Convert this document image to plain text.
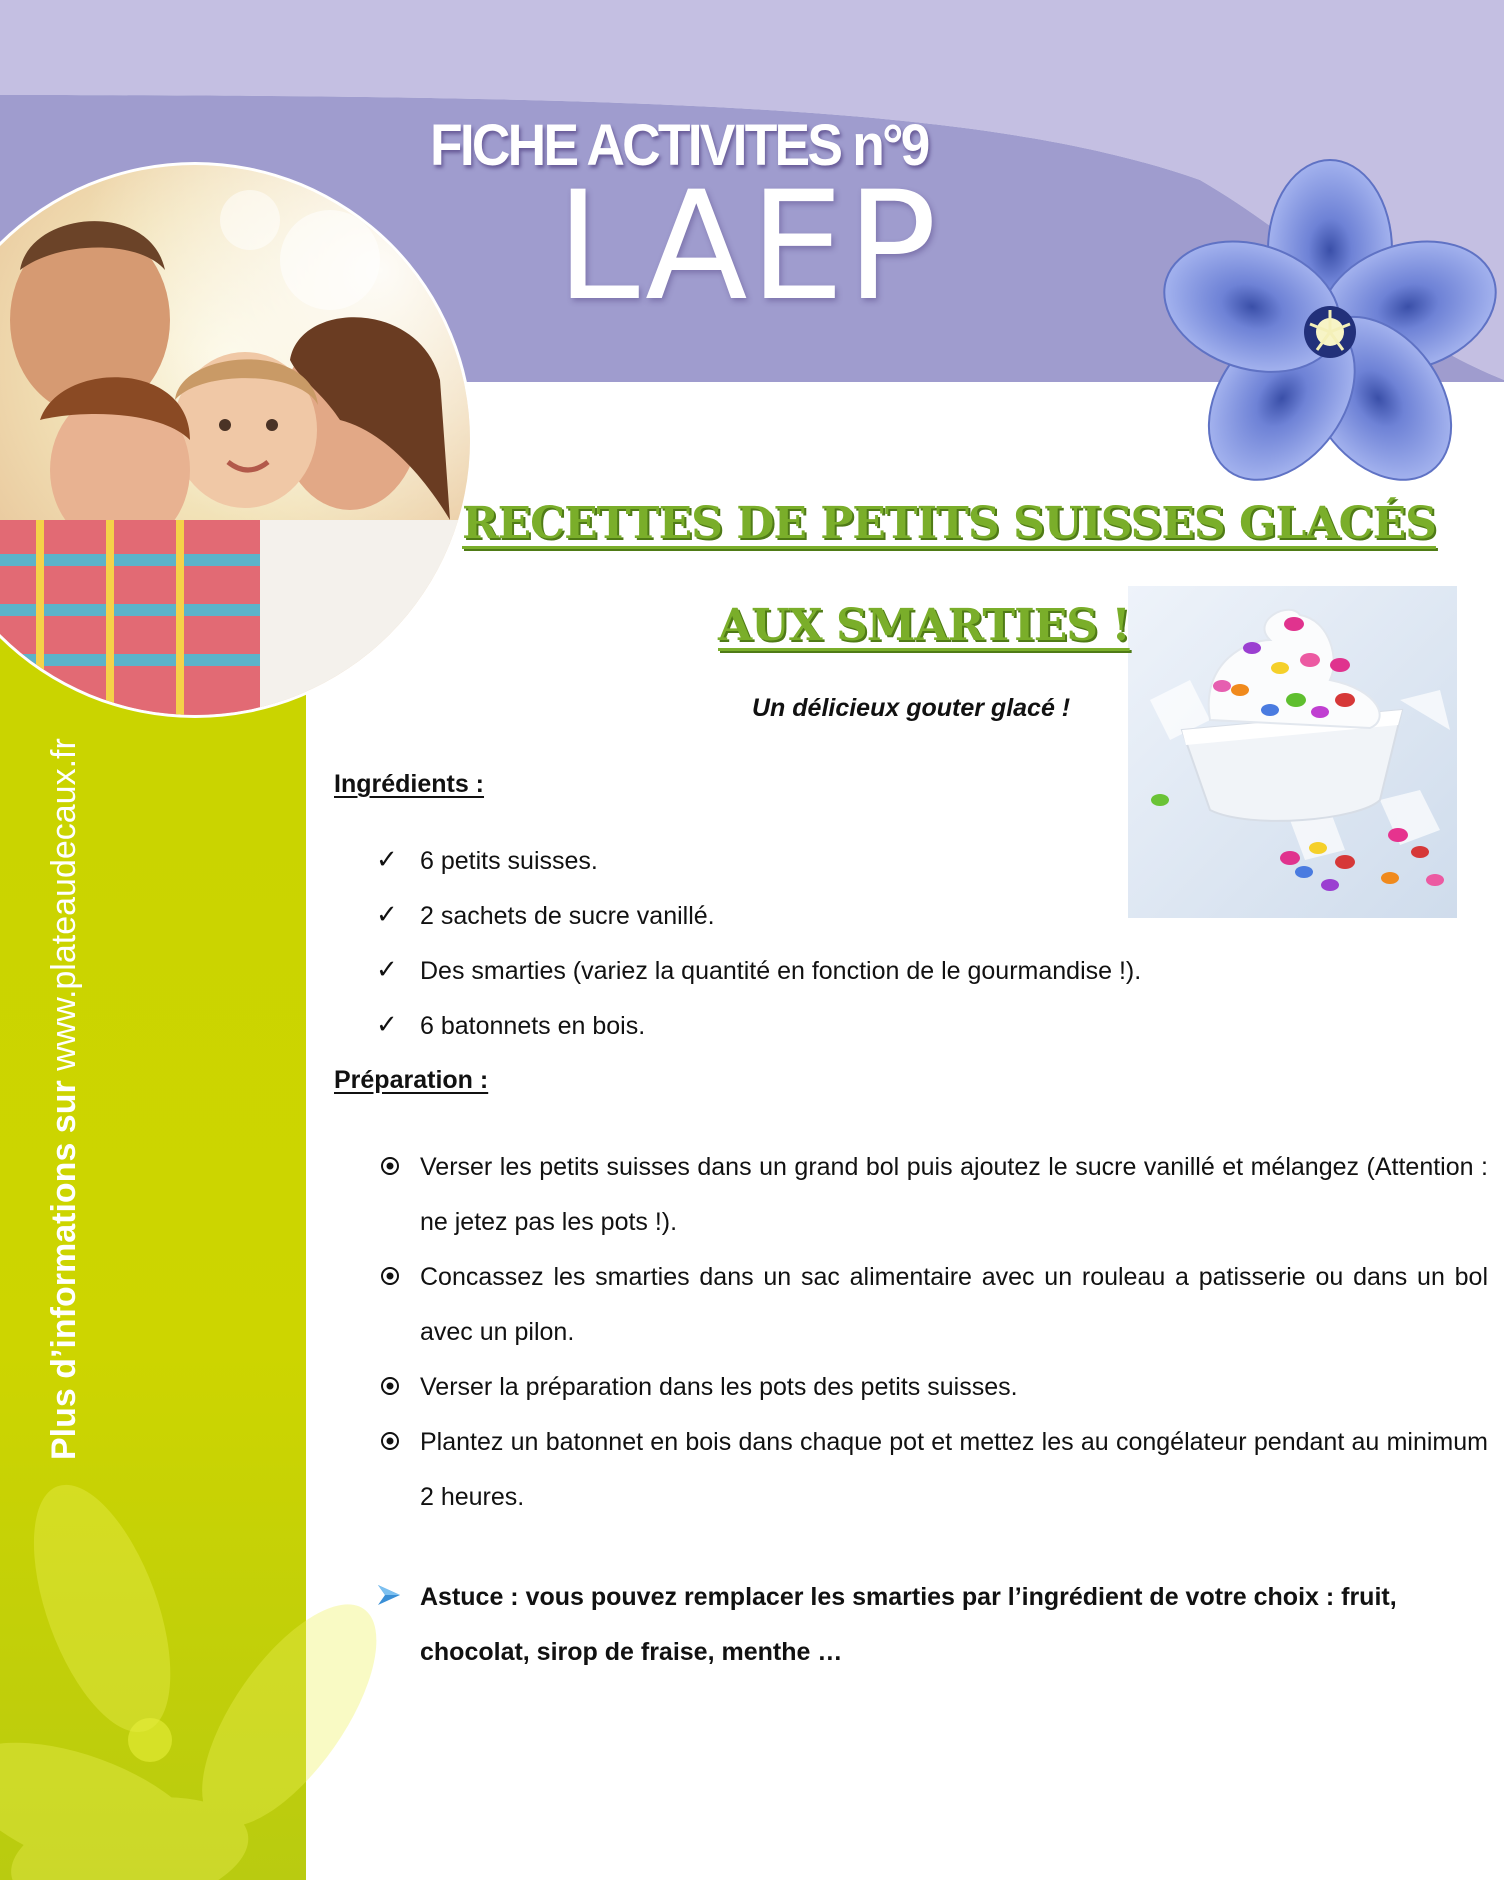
FICHE ACTIVITES n°9
LAEP
Plus d’informations sur www.plateaudecaux.fr
RECETTES DE PETITS SUISSES GLACÉS
AUX SMARTIES !
Un délicieux gouter glacé !
Ingrédients :
✓ 6 petits suisses.
✓ 2 sachets de sucre vanillé.
✓ Des smarties (variez la quantité en fonction de le gourmandise !).
✓ 6 batonnets en bois.
Préparation :
Verser les petits suisses dans un grand bol puis ajoutez le sucre vanillé et mélangez (Attention : ne jetez pas les pots !).
Concassez les smarties dans un sac alimentaire avec un rouleau a patisserie ou dans un bol avec un pilon.
Verser la préparation dans les pots des petits suisses.
Plantez un batonnet en bois dans chaque pot et mettez les au congélateur pendant au minimum 2 heures.
Astuce : vous pouvez remplacer les smarties par l’ingrédient de votre choix : fruit, chocolat, sirop de fraise, menthe …
